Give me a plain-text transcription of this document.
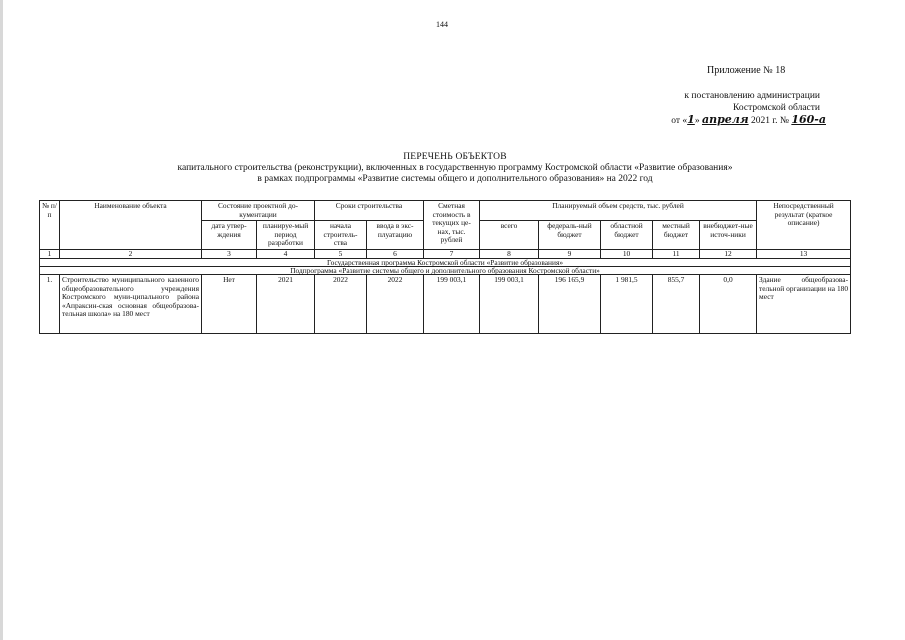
144
Приложение № 18
к постановлению администрации
Костромской области
от «1» апреля 2021 г. № 160-а
ПЕРЕЧЕНЬ ОБЪЕКТОВ
капитального строительства (реконструкции), включенных в государственную программу Костромской области «Развитие образования»
в рамках подпрограммы «Развитие системы общего и дополнительного образования» на 2022 год
№ п/п	Наименование объекта	Состояние проектной до-кументации		Сроки строительства		Сметная стоимость в текущих це-нах, тыс. рублей	Планируемый объем средств, тыс. рублей					Непосредственный результат (краткое описание)
		дата утвер-ждения	планируе-мый период разработки	начала строитель-ства	ввода в экс-плуатацию		всего	федераль-ный бюджет	областной бюджет	местный бюджет	внебюджет-ные источ-ники	
1	2	3	4	5	6	7	8	9	10	11	12	13
Государственная программа Костромской области «Развитие образования»												
Подпрограмма «Развитие системы общего и дополнительного образования Костромской области»												
1.	Строительство муниципального казенного общеобразовательного учреждения Костромского муни-ципального района «Апраксин-ская основная общеобразова-тельная школа» на 180 мест	Нет	2021	2022	2022	199 003,1	199 003,1	196 165,9	1 981,5	855,7	0,0	Здание общеобразова-тельной организации на 180 мест
